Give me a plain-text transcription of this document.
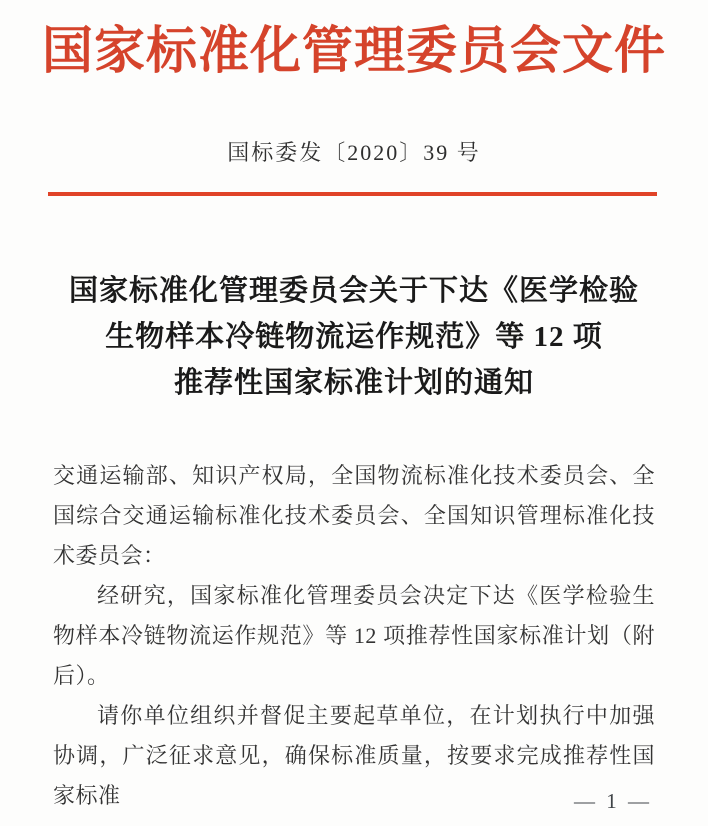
国家标准化管理委员会文件
国标委发〔2020〕39 号
国家标准化管理委员会关于下达《医学检验
生物样本冷链物流运作规范》等 12 项
推荐性国家标准计划的通知

交通运输部、知识产权局，全国物流标准化技术委员会、全国综合交通运输标准化技术委员会、全国知识管理标准化技术委员会：

经研究，国家标准化管理委员会决定下达《医学检验生物样本冷链物流运作规范》等 12 项推荐性国家标准计划（附后）。

请你单位组织并督促主要起草单位，在计划执行中加强协调，广泛征求意见，确保标准质量，按要求完成推荐性国家标准	— 1 —
